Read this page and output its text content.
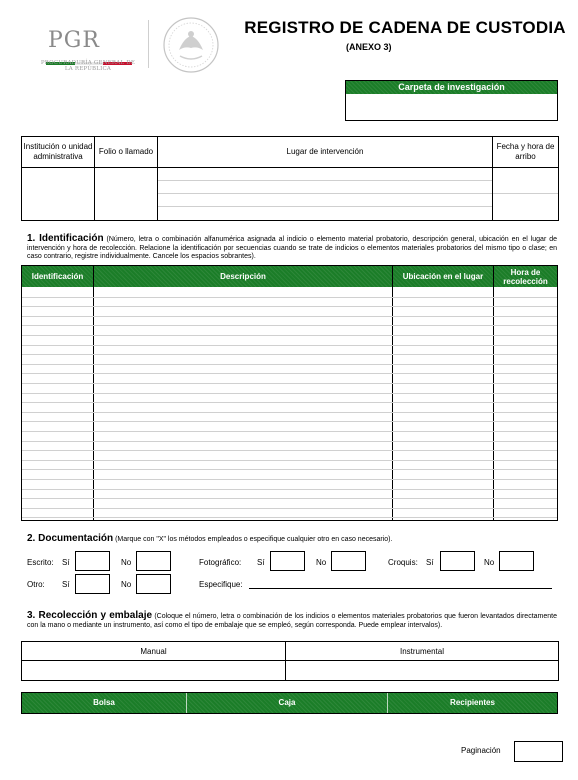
PGR
PROCURADURÍA GENERAL DE LA REPÚBLICA
REGISTRO DE CADENA DE CUSTODIA
(ANEXO 3)
Carpeta de investigación
Institución o unidad administrativa	Folio o llamado	Lugar de intervención	Fecha y hora de arribo

1. Identificación (Número, letra o combinación alfanumérica asignada al indicio o elemento material probatorio, descripción general, ubicación en el lugar de intervención y hora de recolección. Relacione la identificación por secuencias cuando se trate de indicios o elementos materiales probatorios del mismo tipo o clase; en caso contrario, registre individualmente. Cancele los espacios sobrantes).
Identificación	Descripción	Ubicación en el lugar	Hora de recolección
2. Documentación (Marque con "X" los métodos empleados o especifique cualquier otro en caso necesario).
Escrito: Sí	No	Fotográfico: Sí	No	Croquis: Sí	No
Otro: Sí	No	Especifique:
3. Recolección y embalaje (Coloque el número, letra o combinación de los indicios o elementos materiales probatorios que fueron levantados directamente con la mano o mediante un instrumento, así como el tipo de embalaje que se empleó, según corresponda. Puede emplear intervalos).
Manual	Instrumental

Bolsa	Caja	Recipientes
Paginación
